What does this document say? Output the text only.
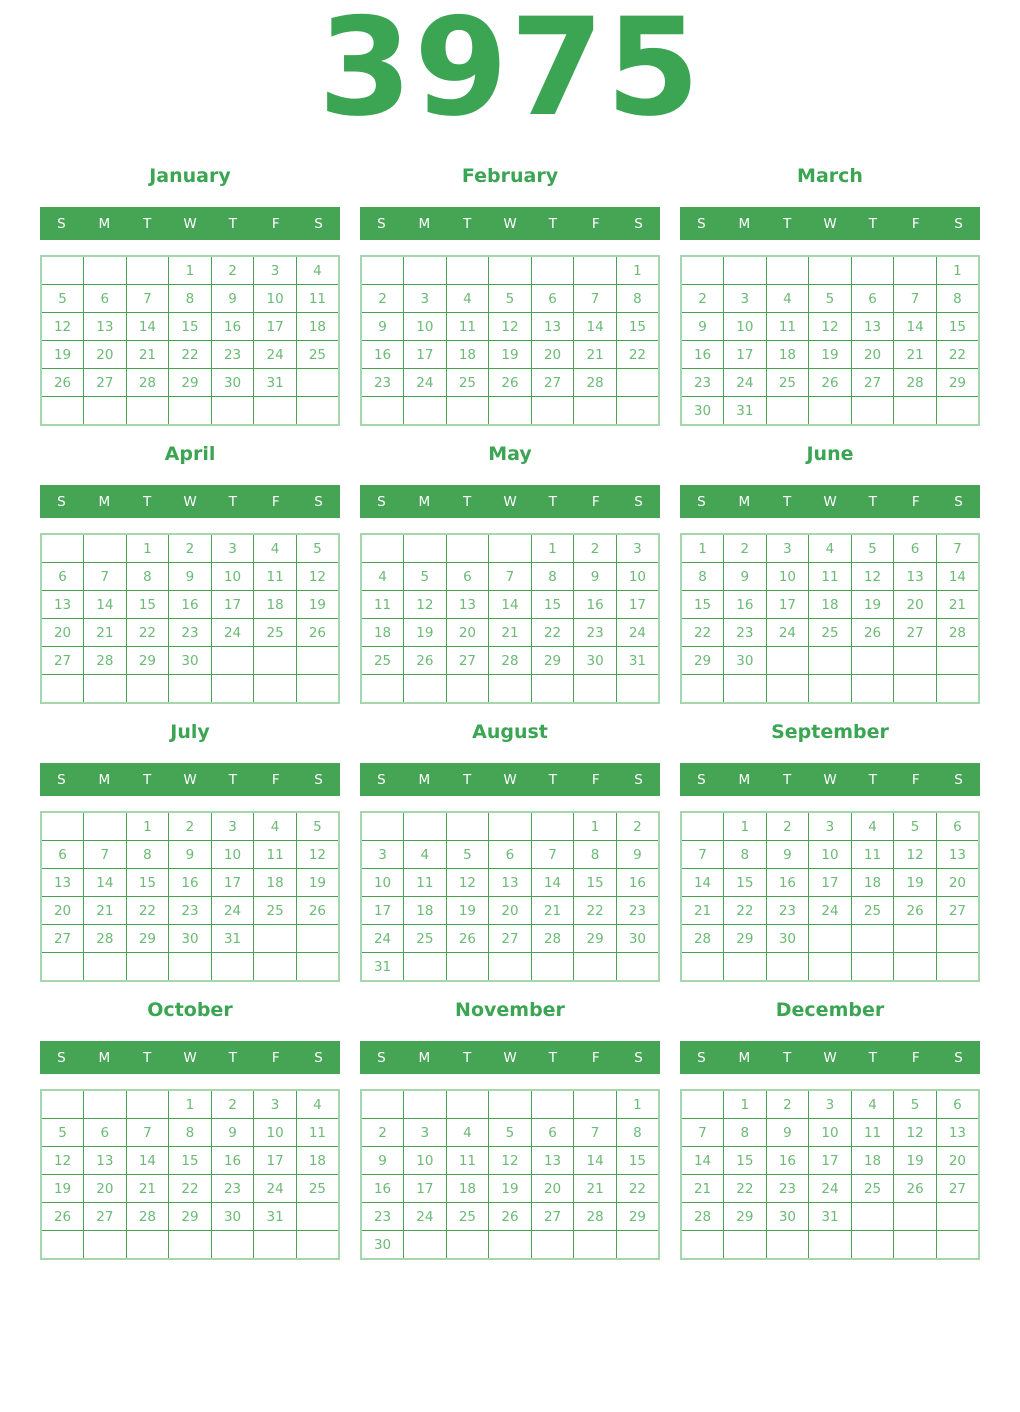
3975
January
S	M	T	W	T	F	S
			1	2	3	4
5	6	7	8	9	10	11
12	13	14	15	16	17	18
19	20	21	22	23	24	25
26	27	28	29	30	31	

February
S	M	T	W	T	F	S
						1
2	3	4	5	6	7	8
9	10	11	12	13	14	15
16	17	18	19	20	21	22
23	24	25	26	27	28	

March
S	M	T	W	T	F	S
						1
2	3	4	5	6	7	8
9	10	11	12	13	14	15
16	17	18	19	20	21	22
23	24	25	26	27	28	29
30	31					
April
S	M	T	W	T	F	S
		1	2	3	4	5
6	7	8	9	10	11	12
13	14	15	16	17	18	19
20	21	22	23	24	25	26
27	28	29	30			

May
S	M	T	W	T	F	S
				1	2	3
4	5	6	7	8	9	10
11	12	13	14	15	16	17
18	19	20	21	22	23	24
25	26	27	28	29	30	31

June
S	M	T	W	T	F	S
1	2	3	4	5	6	7
8	9	10	11	12	13	14
15	16	17	18	19	20	21
22	23	24	25	26	27	28
29	30					

July
S	M	T	W	T	F	S
		1	2	3	4	5
6	7	8	9	10	11	12
13	14	15	16	17	18	19
20	21	22	23	24	25	26
27	28	29	30	31		

August
S	M	T	W	T	F	S
					1	2
3	4	5	6	7	8	9
10	11	12	13	14	15	16
17	18	19	20	21	22	23
24	25	26	27	28	29	30
31						
September
S	M	T	W	T	F	S
	1	2	3	4	5	6
7	8	9	10	11	12	13
14	15	16	17	18	19	20
21	22	23	24	25	26	27
28	29	30				

October
S	M	T	W	T	F	S
			1	2	3	4
5	6	7	8	9	10	11
12	13	14	15	16	17	18
19	20	21	22	23	24	25
26	27	28	29	30	31	

November
S	M	T	W	T	F	S
						1
2	3	4	5	6	7	8
9	10	11	12	13	14	15
16	17	18	19	20	21	22
23	24	25	26	27	28	29
30						
December
S	M	T	W	T	F	S
	1	2	3	4	5	6
7	8	9	10	11	12	13
14	15	16	17	18	19	20
21	22	23	24	25	26	27
28	29	30	31			
